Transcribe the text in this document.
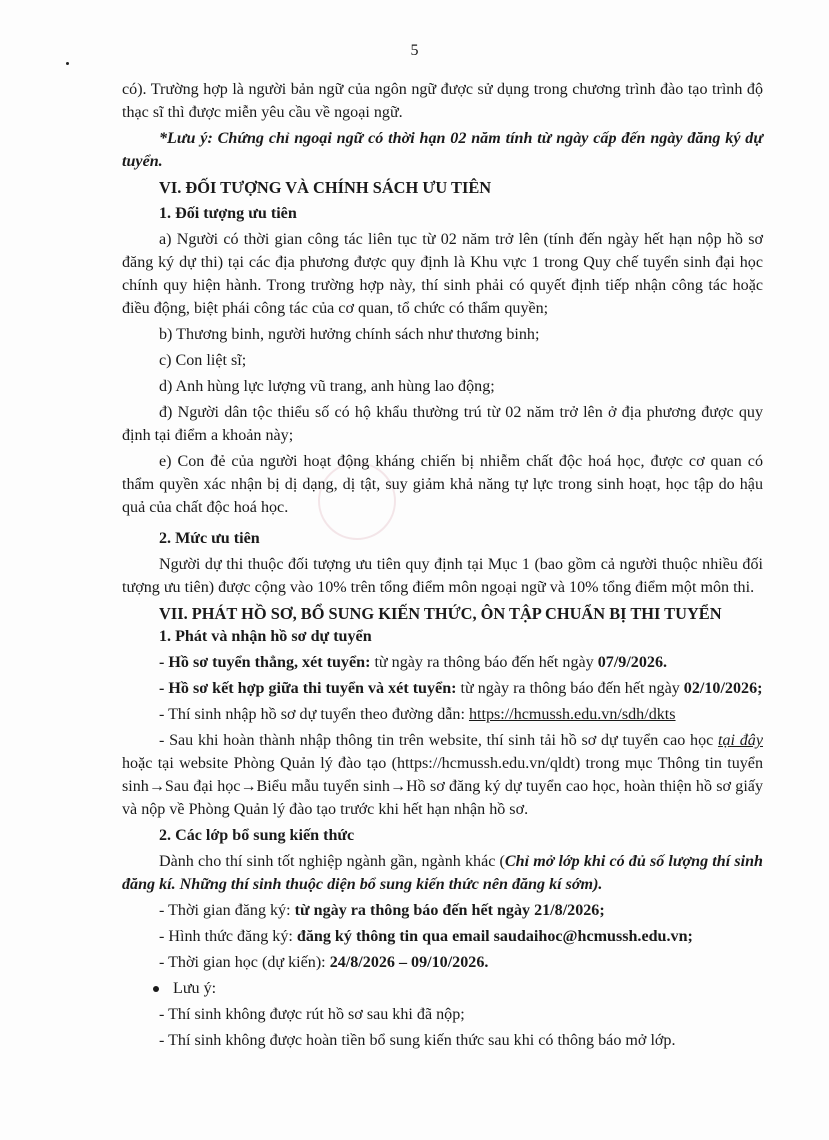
5

có). Trường hợp là người bản ngữ của ngôn ngữ được sử dụng trong chương trình đào tạo trình độ thạc sĩ thì được miễn yêu cầu về ngoại ngữ.

*Lưu ý: Chứng chỉ ngoại ngữ có thời hạn 02 năm tính từ ngày cấp đến ngày đăng ký dự tuyển.

VI. ĐỐI TƯỢNG VÀ CHÍNH SÁCH ƯU TIÊN

1. Đối tượng ưu tiên

a) Người có thời gian công tác liên tục từ 02 năm trở lên (tính đến ngày hết hạn nộp hồ sơ đăng ký dự thi) tại các địa phương được quy định là Khu vực 1 trong Quy chế tuyển sinh đại học chính quy hiện hành. Trong trường hợp này, thí sinh phải có quyết định tiếp nhận công tác hoặc điều động, biệt phái công tác của cơ quan, tổ chức có thẩm quyền;

b) Thương binh, người hưởng chính sách như thương binh;

c) Con liệt sĩ;

d) Anh hùng lực lượng vũ trang, anh hùng lao động;

đ) Người dân tộc thiểu số có hộ khẩu thường trú từ 02 năm trở lên ở địa phương được quy định tại điểm a khoản này;

e) Con đẻ của người hoạt động kháng chiến bị nhiễm chất độc hoá học, được cơ quan có thẩm quyền xác nhận bị dị dạng, dị tật, suy giảm khả năng tự lực trong sinh hoạt, học tập do hậu quả của chất độc hoá học.

2. Mức ưu tiên

Người dự thi thuộc đối tượng ưu tiên quy định tại Mục 1 (bao gồm cả người thuộc nhiều đối tượng ưu tiên) được cộng vào 10% trên tổng điểm môn ngoại ngữ và 10% tổng điểm một môn thi.

VII. PHÁT HỒ SƠ, BỔ SUNG KIẾN THỨC, ÔN TẬP CHUẨN BỊ THI TUYỂN

1. Phát và nhận hồ sơ dự tuyển

- Hồ sơ tuyển thẳng, xét tuyển: từ ngày ra thông báo đến hết ngày 07/9/2026.

- Hồ sơ kết hợp giữa thi tuyển và xét tuyển: từ ngày ra thông báo đến hết ngày 02/10/2026;

- Thí sinh nhập hồ sơ dự tuyển theo đường dẫn: https://hcmussh.edu.vn/sdh/dkts

- Sau khi hoàn thành nhập thông tin trên website, thí sinh tải hồ sơ dự tuyển cao học tại đây hoặc tại website Phòng Quản lý đào tạo (https://hcmussh.edu.vn/qldt) trong mục Thông tin tuyển sinh→Sau đại học→Biểu mẫu tuyển sinh→Hồ sơ đăng ký dự tuyển cao học, hoàn thiện hồ sơ giấy và nộp về Phòng Quản lý đào tạo trước khi hết hạn nhận hồ sơ.

2. Các lớp bổ sung kiến thức

Dành cho thí sinh tốt nghiệp ngành gần, ngành khác (Chỉ mở lớp khi có đủ số lượng thí sinh đăng kí. Những thí sinh thuộc diện bổ sung kiến thức nên đăng kí sớm).

- Thời gian đăng ký: từ ngày ra thông báo đến hết ngày 21/8/2026;

- Hình thức đăng ký: đăng ký thông tin qua email saudaihoc@hcmussh.edu.vn;

- Thời gian học (dự kiến): 24/8/2026 – 09/10/2026.

Lưu ý:

- Thí sinh không được rút hồ sơ sau khi đã nộp;

- Thí sinh không được hoàn tiền bổ sung kiến thức sau khi có thông báo mở lớp.
